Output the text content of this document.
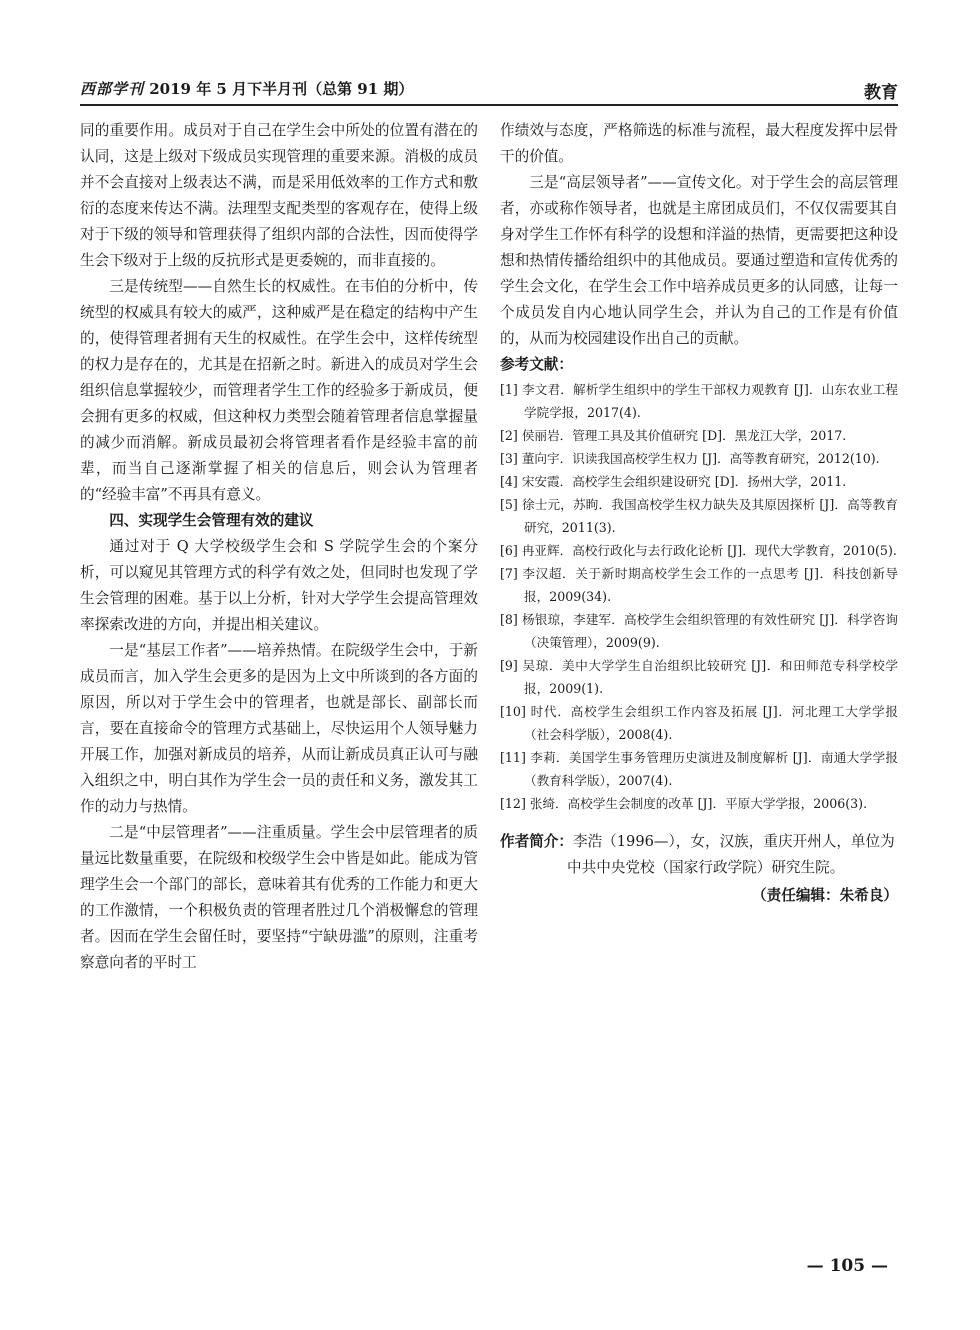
西部学刊 2019 年 5 月下半月刊（总第 91 期）	教育

同的重要作用。成员对于自己在学生会中所处的位置有潜在的认同，这是上级对下级成员实现管理的重要来源。消极的成员并不会直接对上级表达不满，而是采用低效率的工作方式和敷衍的态度来传达不满。法理型支配类型的客观存在，使得上级对于下级的领导和管理获得了组织内部的合法性，因而使得学生会下级对于上级的反抗形式是更委婉的，而非直接的。

三是传统型——自然生长的权威性。在韦伯的分析中，传统型的权威具有较大的威严，这种威严是在稳定的结构中产生的，使得管理者拥有天生的权威性。在学生会中，这样传统型的权力是存在的，尤其是在招新之时。新进入的成员对学生会组织信息掌握较少，而管理者学生工作的经验多于新成员，便会拥有更多的权威，但这种权力类型会随着管理者信息掌握量的减少而消解。新成员最初会将管理者看作是经验丰富的前辈，而当自己逐渐掌握了相关的信息后，则会认为管理者的“经验丰富”不再具有意义。

四、实现学生会管理有效的建议

通过对于 Q 大学校级学生会和 S 学院学生会的个案分析，可以窥见其管理方式的科学有效之处，但同时也发现了学生会管理的困难。基于以上分析，针对大学学生会提高管理效率探索改进的方向，并提出相关建议。

一是“基层工作者”——培养热情。在院级学生会中，于新成员而言，加入学生会更多的是因为上文中所谈到的各方面的原因，所以对于学生会中的管理者，也就是部长、副部长而言，要在直接命令的管理方式基础上，尽快运用个人领导魅力开展工作，加强对新成员的培养，从而让新成员真正认可与融入组织之中，明白其作为学生会一员的责任和义务，激发其工作的动力与热情。

二是“中层管理者”——注重质量。学生会中层管理者的质量远比数量重要，在院级和校级学生会中皆是如此。能成为管理学生会一个部门的部长，意味着其有优秀的工作能力和更大的工作激情，一个积极负责的管理者胜过几个消极懈怠的管理者。因而在学生会留任时，要坚持“宁缺毋滥”的原则，注重考察意向者的平时工

作绩效与态度，严格筛选的标准与流程，最大程度发挥中层骨干的价值。

三是“高层领导者”——宣传文化。对于学生会的高层管理者，亦或称作领导者，也就是主席团成员们，不仅仅需要其自身对学生工作怀有科学的设想和洋溢的热情，更需要把这种设想和热情传播给组织中的其他成员。要通过塑造和宣传优秀的学生会文化，在学生会工作中培养成员更多的认同感，让每一个成员发自内心地认同学生会，并认为自己的工作是有价值的，从而为校园建设作出自己的贡献。

参考文献：

[1] 李文君．解析学生组织中的学生干部权力观教育 [J]．山东农业工程学院学报，2017(4).
[2] 侯丽岩．管理工具及其价值研究 [D]．黑龙江大学，2017.
[3] 董向宇．识读我国高校学生权力 [J]．高等教育研究，2012(10).
[4] 宋安霞．高校学生会组织建设研究 [D]．扬州大学，2011.
[5] 徐士元，苏眗．我国高校学生权力缺失及其原因探析 [J]．高等教育研究，2011(3).
[6] 冉亚辉．高校行政化与去行政化论析 [J]．现代大学教育，2010(5).
[7] 李汉超．关于新时期高校学生会工作的一点思考 [J]．科技创新导报，2009(34).
[8] 杨银琼，李建军．高校学生会组织管理的有效性研究 [J]．科学咨询（决策管理），2009(9).
[9] 吴琼．美中大学学生自治组织比较研究 [J]．和田师范专科学校学报，2009(1).
[10] 时代．高校学生会组织工作内容及拓展 [J]．河北理工大学学报（社会科学版），2008(4).
[11] 李莉．美国学生事务管理历史演进及制度解析 [J]．南通大学学报（教育科学版），2007(4).
[12] 张绮．高校学生会制度的改革 [J]．平原大学学报，2006(3).
作者简介：李浩（1996—），女，汉族，重庆开州人，单位为
中共中央党校（国家行政学院）研究生院。
（责任编辑：朱希良）
— 105 —
